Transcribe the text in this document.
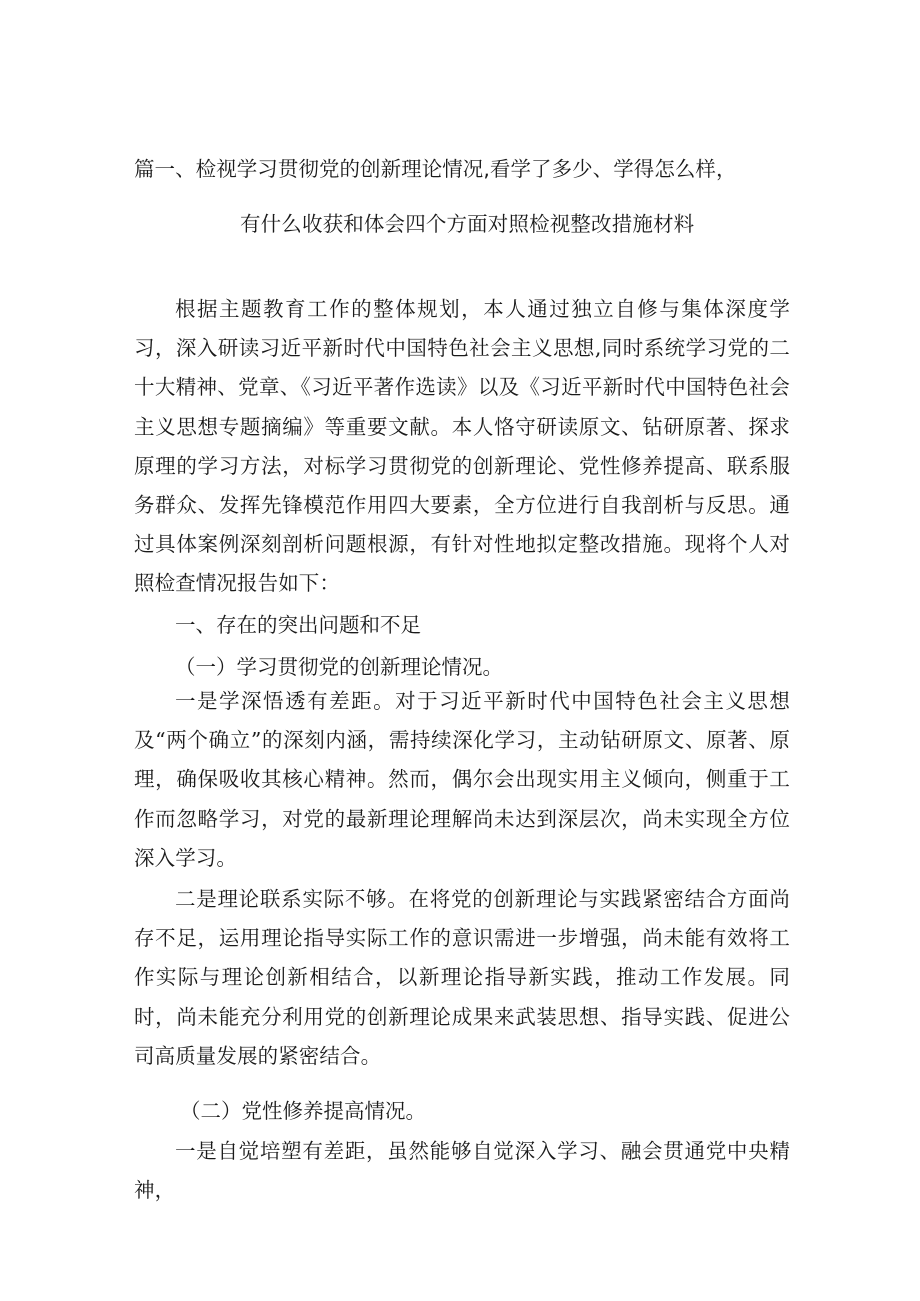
篇一、检视学习贯彻党的创新理论情况,看学了多少、学得怎么样，
有什么收获和体会四个方面对照检视整改措施材料

根据主题教育工作的整体规划，本人通过独立自修与集体深度学习，深入研读习近平新时代中国特色社会主义思想,同时系统学习党的二十大精神、党章、《习近平著作选读》以及《习近平新时代中国特色社会主义思想专题摘编》等重要文献。本人恪守研读原文、钻研原著、探求原理的学习方法，对标学习贯彻党的创新理论、党性修养提高、联系服务群众、发挥先锋模范作用四大要素，全方位进行自我剖析与反思。通过具体案例深刻剖析问题根源，有针对性地拟定整改措施。现将个人对照检查情况报告如下：

一、存在的突出问题和不足
（一）学习贯彻党的创新理论情况。

一是学深悟透有差距。对于习近平新时代中国特色社会主义思想及“两个确立”的深刻内涵，需持续深化学习，主动钻研原文、原著、原理，确保吸收其核心精神。然而，偶尔会出现实用主义倾向，侧重于工作而忽略学习，对党的最新理论理解尚未达到深层次，尚未实现全方位深入学习。

二是理论联系实际不够。在将党的创新理论与实践紧密结合方面尚存不足，运用理论指导实际工作的意识需进一步增强，尚未能有效将工作实际与理论创新相结合，以新理论指导新实践，推动工作发展。同时，尚未能充分利用党的创新理论成果来武装思想、指导实践、促进公司高质量发展的紧密结合。

（二）党性修养提高情况。

一是自觉培塑有差距，虽然能够自觉深入学习、融会贯通党中央精神，
